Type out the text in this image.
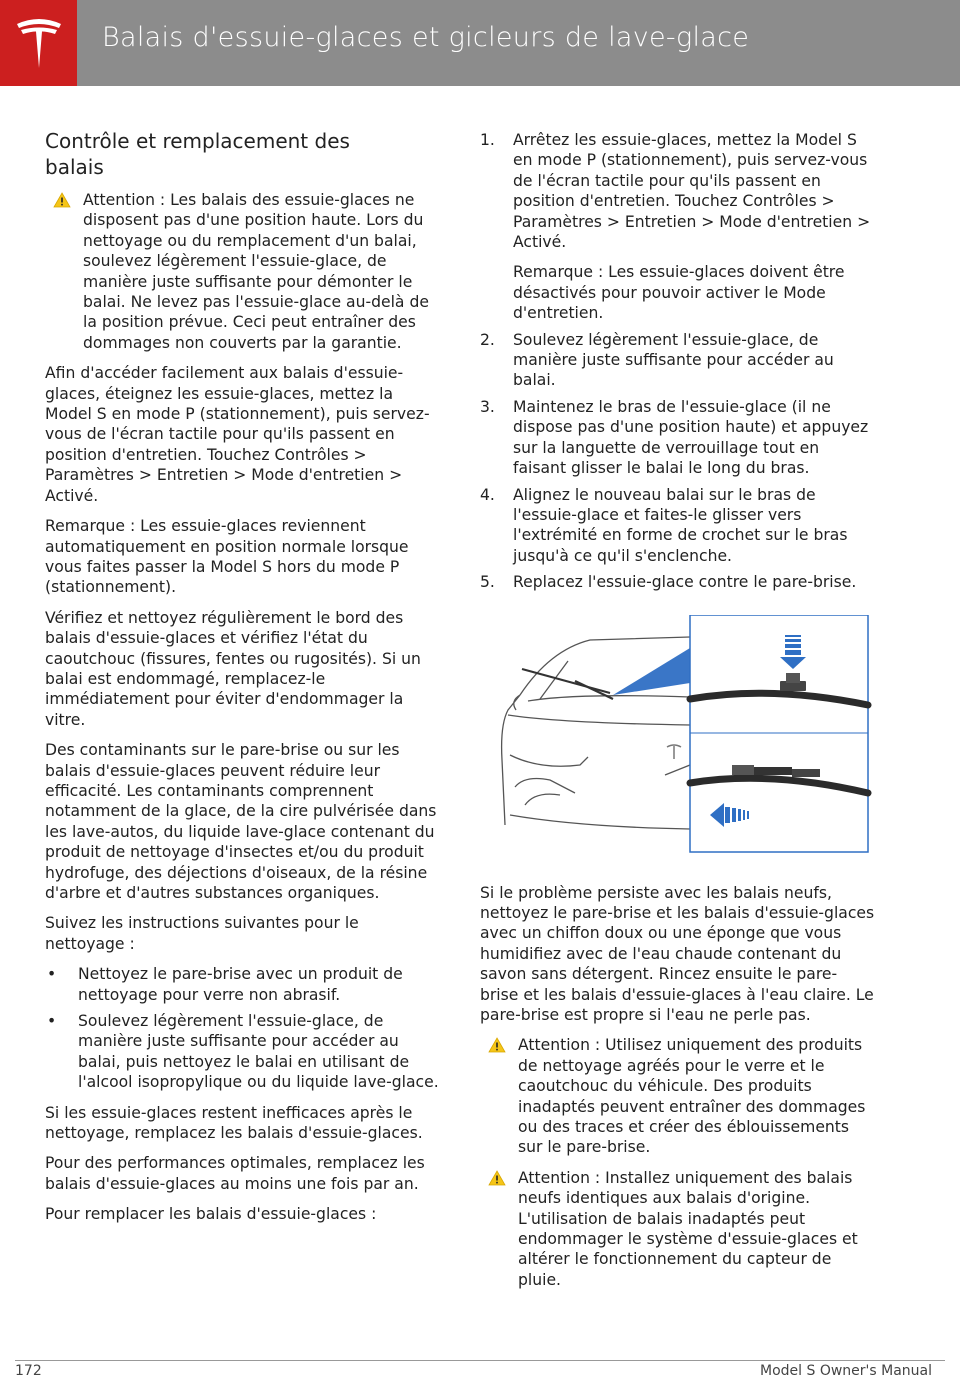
Balais d'essuie-glaces et gicleurs de lave-glace
Contrôle et remplacement des balais
Attention : Les balais des essuie-glaces ne disposent pas d'une position haute. Lors du nettoyage ou du remplacement d'un balai, soulevez légèrement l'essuie-glace, de manière juste suffisante pour démonter le balai. Ne levez pas l'essuie-glace au-delà de la position prévue. Ceci peut entraîner des dommages non couverts par la garantie.

Afin d'accéder facilement aux balais d'essuie-glaces, éteignez les essuie-glaces, mettez la Model S en mode P (stationnement), puis servez-vous de l'écran tactile pour qu'ils passent en position d'entretien. Touchez Contrôles > Paramètres > Entretien > Mode d'entretien > Activé.

Remarque : Les essuie-glaces reviennent automatiquement en position normale lorsque vous faites passer la Model S hors du mode P (stationnement).

Vérifiez et nettoyez régulièrement le bord des balais d'essuie-glaces et vérifiez l'état du caoutchouc (fissures, fentes ou rugosités). Si un balai est endommagé, remplacez-le immédiatement pour éviter d'endommager la vitre.

Des contaminants sur le pare-brise ou sur les balais d'essuie-glaces peuvent réduire leur efficacité. Les contaminants comprennent notamment de la glace, de la cire pulvérisée dans les lave-autos, du liquide lave-glace contenant du produit de nettoyage d'insectes et/ou du produit hydrofuge, des déjections d'oiseaux, de la résine d'arbre et d'autres substances organiques.

Suivez les instructions suivantes pour le nettoyage :

•	Nettoyez le pare-brise avec un produit de nettoyage pour verre non abrasif.
•	Soulevez légèrement l'essuie-glace, de manière juste suffisante pour accéder au balai, puis nettoyez le balai en utilisant de l'alcool isopropylique ou du liquide lave-glace.

Si les essuie-glaces restent inefficaces après le nettoyage, remplacez les balais d'essuie-glaces.

Pour des performances optimales, remplacez les balais d'essuie-glaces au moins une fois par an.

Pour remplacer les balais d'essuie-glaces :

1.	Arrêtez les essuie-glaces, mettez la Model S en mode P (stationnement), puis servez-vous de l'écran tactile pour qu'ils passent en position d'entretien. Touchez Contrôles > Paramètres > Entretien > Mode d'entretien > Activé.

Remarque : Les essuie-glaces doivent être désactivés pour pouvoir activer le Mode d'entretien.

2.	Soulevez légèrement l'essuie-glace, de manière juste suffisante pour accéder au balai.

3.	Maintenez le bras de l'essuie-glace (il ne dispose pas d'une position haute) et appuyez sur la languette de verrouillage tout en faisant glisser le balai le long du bras.

4.	Alignez le nouveau balai sur le bras de l'essuie-glace et faites-le glisser vers l'extrémité en forme de crochet sur le bras jusqu'à ce qu'il s'enclenche.

5.	Replacez l'essuie-glace contre le pare-brise.

Si le problème persiste avec les balais neufs, nettoyez le pare-brise et les balais d'essuie-glaces avec un chiffon doux ou une éponge que vous humidifiez avec de l'eau chaude contenant du savon sans détergent. Rincez ensuite le pare-brise et les balais d'essuie-glaces à l'eau claire. Le pare-brise est propre si l'eau ne perle pas.

Attention : Utilisez uniquement des produits de nettoyage agréés pour le verre et le caoutchouc du véhicule. Des produits inadaptés peuvent entraîner des dommages ou des traces et créer des éblouissements sur le pare-brise.
Attention : Installez uniquement des balais neufs identiques aux balais d'origine. L'utilisation de balais inadaptés peut endommager le système d'essuie-glaces et altérer le fonctionnement du capteur de pluie.
172	Model S Owner's Manual
